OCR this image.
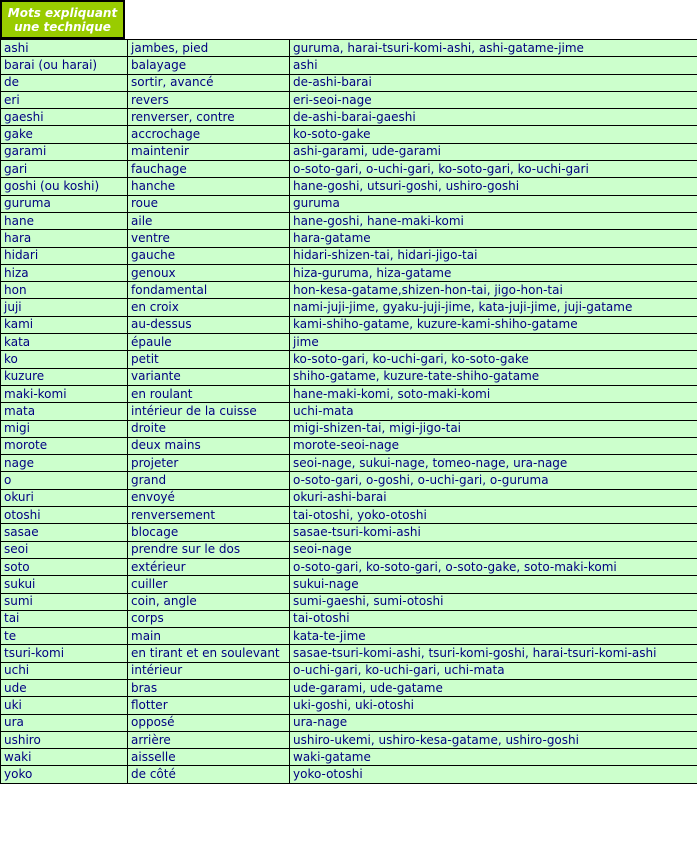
Mots expliquant
une technique
ashi	jambes, pied	guruma, harai-tsuri-komi-ashi, ashi-gatame-jime
barai (ou harai)	balayage	ashi
de	sortir, avancé	de-ashi-barai
eri	revers	eri-seoi-nage
gaeshi	renverser, contre	de-ashi-barai-gaeshi
gake	accrochage	ko-soto-gake
garami	maintenir	ashi-garami, ude-garami
gari	fauchage	o-soto-gari, o-uchi-gari, ko-soto-gari, ko-uchi-gari
goshi (ou koshi)	hanche	hane-goshi, utsuri-goshi, ushiro-goshi
guruma	roue	guruma
hane	aile	hane-goshi, hane-maki-komi
hara	ventre	hara-gatame
hidari	gauche	hidari-shizen-tai, hidari-jigo-tai
hiza	genoux	hiza-guruma, hiza-gatame
hon	fondamental	hon-kesa-gatame,shizen-hon-tai, jigo-hon-tai
juji	en croix	nami-juji-jime, gyaku-juji-jime, kata-juji-jime, juji-gatame
kami	au-dessus	kami-shiho-gatame, kuzure-kami-shiho-gatame
kata	épaule	jime
ko	petit	ko-soto-gari, ko-uchi-gari, ko-soto-gake
kuzure	variante	shiho-gatame, kuzure-tate-shiho-gatame
maki-komi	en roulant	hane-maki-komi, soto-maki-komi
mata	intérieur de la cuisse	uchi-mata
migi	droite	migi-shizen-tai, migi-jigo-tai
morote	deux mains	morote-seoi-nage
nage	projeter	seoi-nage, sukui-nage, tomeo-nage, ura-nage
o	grand	o-soto-gari, o-goshi, o-uchi-gari, o-guruma
okuri	envoyé	okuri-ashi-barai
otoshi	renversement	tai-otoshi, yoko-otoshi
sasae	blocage	sasae-tsuri-komi-ashi
seoi	prendre sur le dos	seoi-nage
soto	extérieur	o-soto-gari, ko-soto-gari, o-soto-gake, soto-maki-komi
sukui	cuiller	sukui-nage
sumi	coin, angle	sumi-gaeshi, sumi-otoshi
tai	corps	tai-otoshi
te	main	kata-te-jime
tsuri-komi	en tirant et en soulevant	sasae-tsuri-komi-ashi, tsuri-komi-goshi, harai-tsuri-komi-ashi
uchi	intérieur	o-uchi-gari, ko-uchi-gari, uchi-mata
ude	bras	ude-garami, ude-gatame
uki	flotter	uki-goshi, uki-otoshi
ura	opposé	ura-nage
ushiro	arrière	ushiro-ukemi, ushiro-kesa-gatame, ushiro-goshi
waki	aisselle	waki-gatame
yoko	de côté	yoko-otoshi
